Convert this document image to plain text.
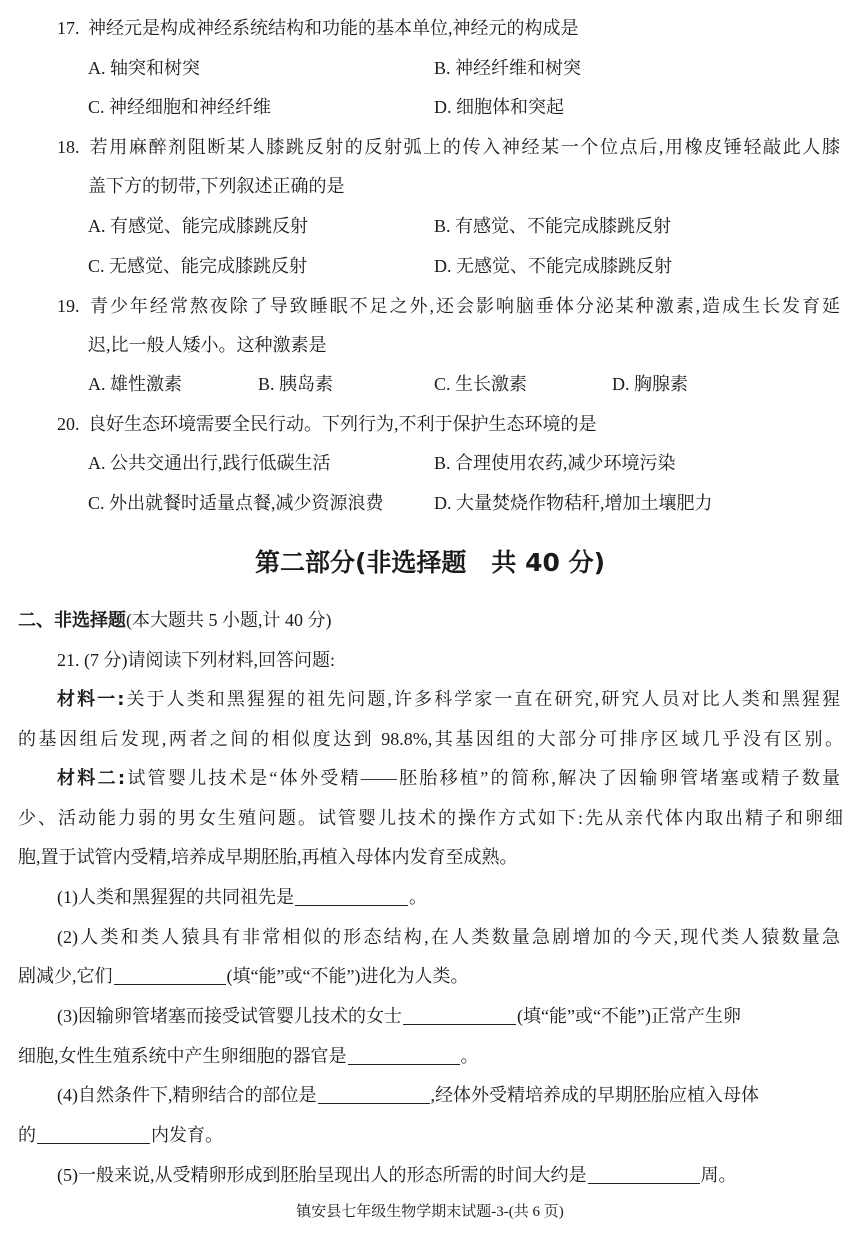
17. 神经元是构成神经系统结构和功能的基本单位,神经元的构成是
A. 轴突和树突	B. 神经纤维和树突
C. 神经细胞和神经纤维	D. 细胞体和突起
18. 若用麻醉剂阻断某人膝跳反射的反射弧上的传入神经某一个位点后,用橡皮锤轻敲此人膝
盖下方的韧带,下列叙述正确的是
A. 有感觉、能完成膝跳反射	B. 有感觉、不能完成膝跳反射
C. 无感觉、能完成膝跳反射	D. 无感觉、不能完成膝跳反射
19. 青少年经常熬夜除了导致睡眠不足之外,还会影响脑垂体分泌某种激素,造成生长发育延
迟,比一般人矮小。这种激素是
A. 雄性激素	B. 胰岛素	C. 生长激素	D. 胸腺素
20. 良好生态环境需要全民行动。下列行为,不利于保护生态环境的是
A. 公共交通出行,践行低碳生活	B. 合理使用农药,减少环境污染
C. 外出就餐时适量点餐,减少资源浪费	D. 大量焚烧作物秸秆,增加土壤肥力
第二部分(非选择题　共 40 分)
二、非选择题(本大题共 5 小题,计 40 分)
21. (7 分)请阅读下列材料,回答问题:
材料一:关于人类和黑猩猩的祖先问题,许多科学家一直在研究,研究人员对比人类和黑猩猩
的基因组后发现,两者之间的相似度达到 98.8%,其基因组的大部分可排序区域几乎没有区别。
材料二:试管婴儿技术是“体外受精——胚胎移植”的简称,解决了因输卵管堵塞或精子数量
少、活动能力弱的男女生殖问题。试管婴儿技术的操作方式如下:先从亲代体内取出精子和卵细
胞,置于试管内受精,培养成早期胚胎,再植入母体内发育至成熟。
(1)人类和黑猩猩的共同祖先是	。
(2)人类和类人猿具有非常相似的形态结构,在人类数量急剧增加的今天,现代类人猿数量急
剧减少,它们	(填“能”或“不能”)进化为人类。
(3)因输卵管堵塞而接受试管婴儿技术的女士	(填“能”或“不能”)正常产生卵
细胞,女性生殖系统中产生卵细胞的器官是	。
(4)自然条件下,精卵结合的部位是	,经体外受精培养成的早期胚胎应植入母体
的	内发育。
(5)一般来说,从受精卵形成到胚胎呈现出人的形态所需的时间大约是	周。
镇安县七年级生物学期末试题-3-(共 6 页)
